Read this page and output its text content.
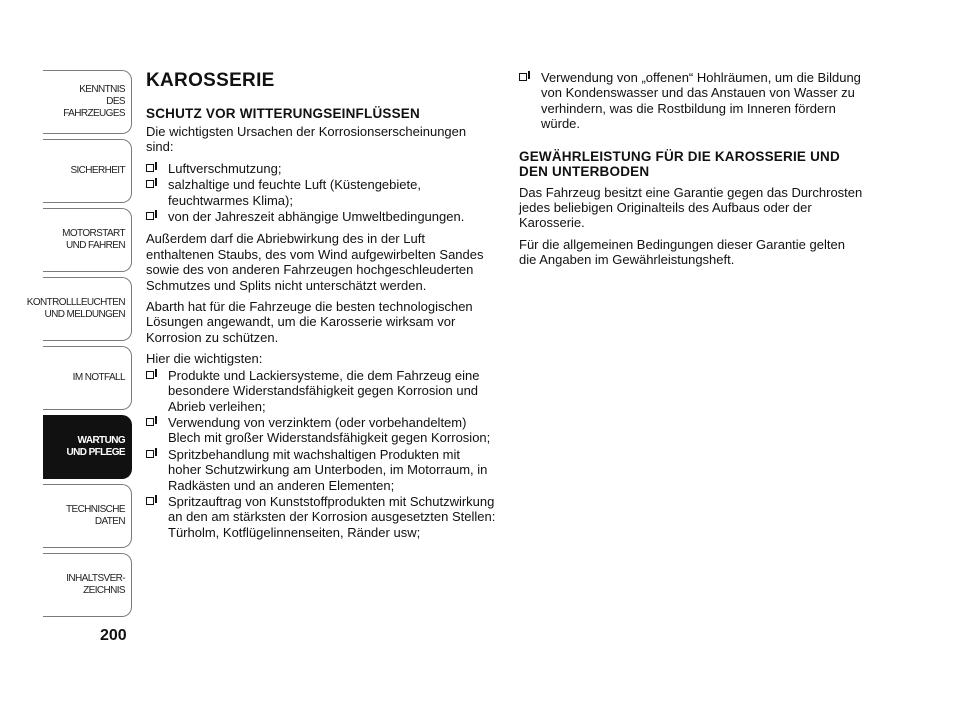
KENNTNIS
DES FAHRZEUGES
SICHERHEIT
MOTORSTART
UND FAHREN
KONTROLLLEUCHTEN
UND MELDUNGEN
IM NOTFALL
WARTUNG
UND PFLEGE
TECHNISCHE
DATEN
INHALTSVER-
ZEICHNIS
200
KAROSSERIE
SCHUTZ VOR WITTERUNGSEINFLÜSSEN

Die wichtigsten Ursachen der Korrosionserscheinungen sind:

Luftverschmutzung;
salzhaltige und feuchte Luft (Küstengebiete, feuchtwarmes Klima);
von der Jahreszeit abhängige Umweltbedingungen.

Außerdem darf die Abriebwirkung des in der Luft enthaltenen Staubs, des vom Wind aufgewirbelten Sandes sowie des von anderen Fahrzeugen hochgeschleuderten Schmutzes und Splits nicht unterschätzt werden.

Abarth hat für die Fahrzeuge die besten technologischen Lösungen angewandt, um die Karosserie wirksam vor Korrosion zu schützen.

Hier die wichtigsten:

Produkte und Lackiersysteme, die dem Fahrzeug eine besondere Widerstandsfähigkeit gegen Korrosion und Abrieb verleihen;
Verwendung von verzinktem (oder vorbehandeltem) Blech mit großer Widerstandsfähigkeit gegen Korrosion;
Spritzbehandlung mit wachshaltigen Produkten mit hoher Schutzwirkung am Unterboden, im Motorraum, in Radkästen und an anderen Elementen;
Spritzauftrag von Kunststoffprodukten mit Schutzwirkung an den am stärksten der Korrosion ausgesetzten Stellen: Türholm, Kotflügelinnenseiten, Ränder usw;
Verwendung von „offenen“ Hohlräumen, um die Bildung von Kondenswasser und das Anstauen von Wasser zu verhindern, was die Rostbildung im Inneren fördern würde.
GEWÄHRLEISTUNG FÜR DIE KAROSSERIE UND DEN UNTERBODEN

Das Fahrzeug besitzt eine Garantie gegen das Durchrosten jedes beliebigen Originalteils des Aufbaus oder der Karosserie.

Für die allgemeinen Bedingungen dieser Garantie gelten die Angaben im Gewährleistungsheft.
